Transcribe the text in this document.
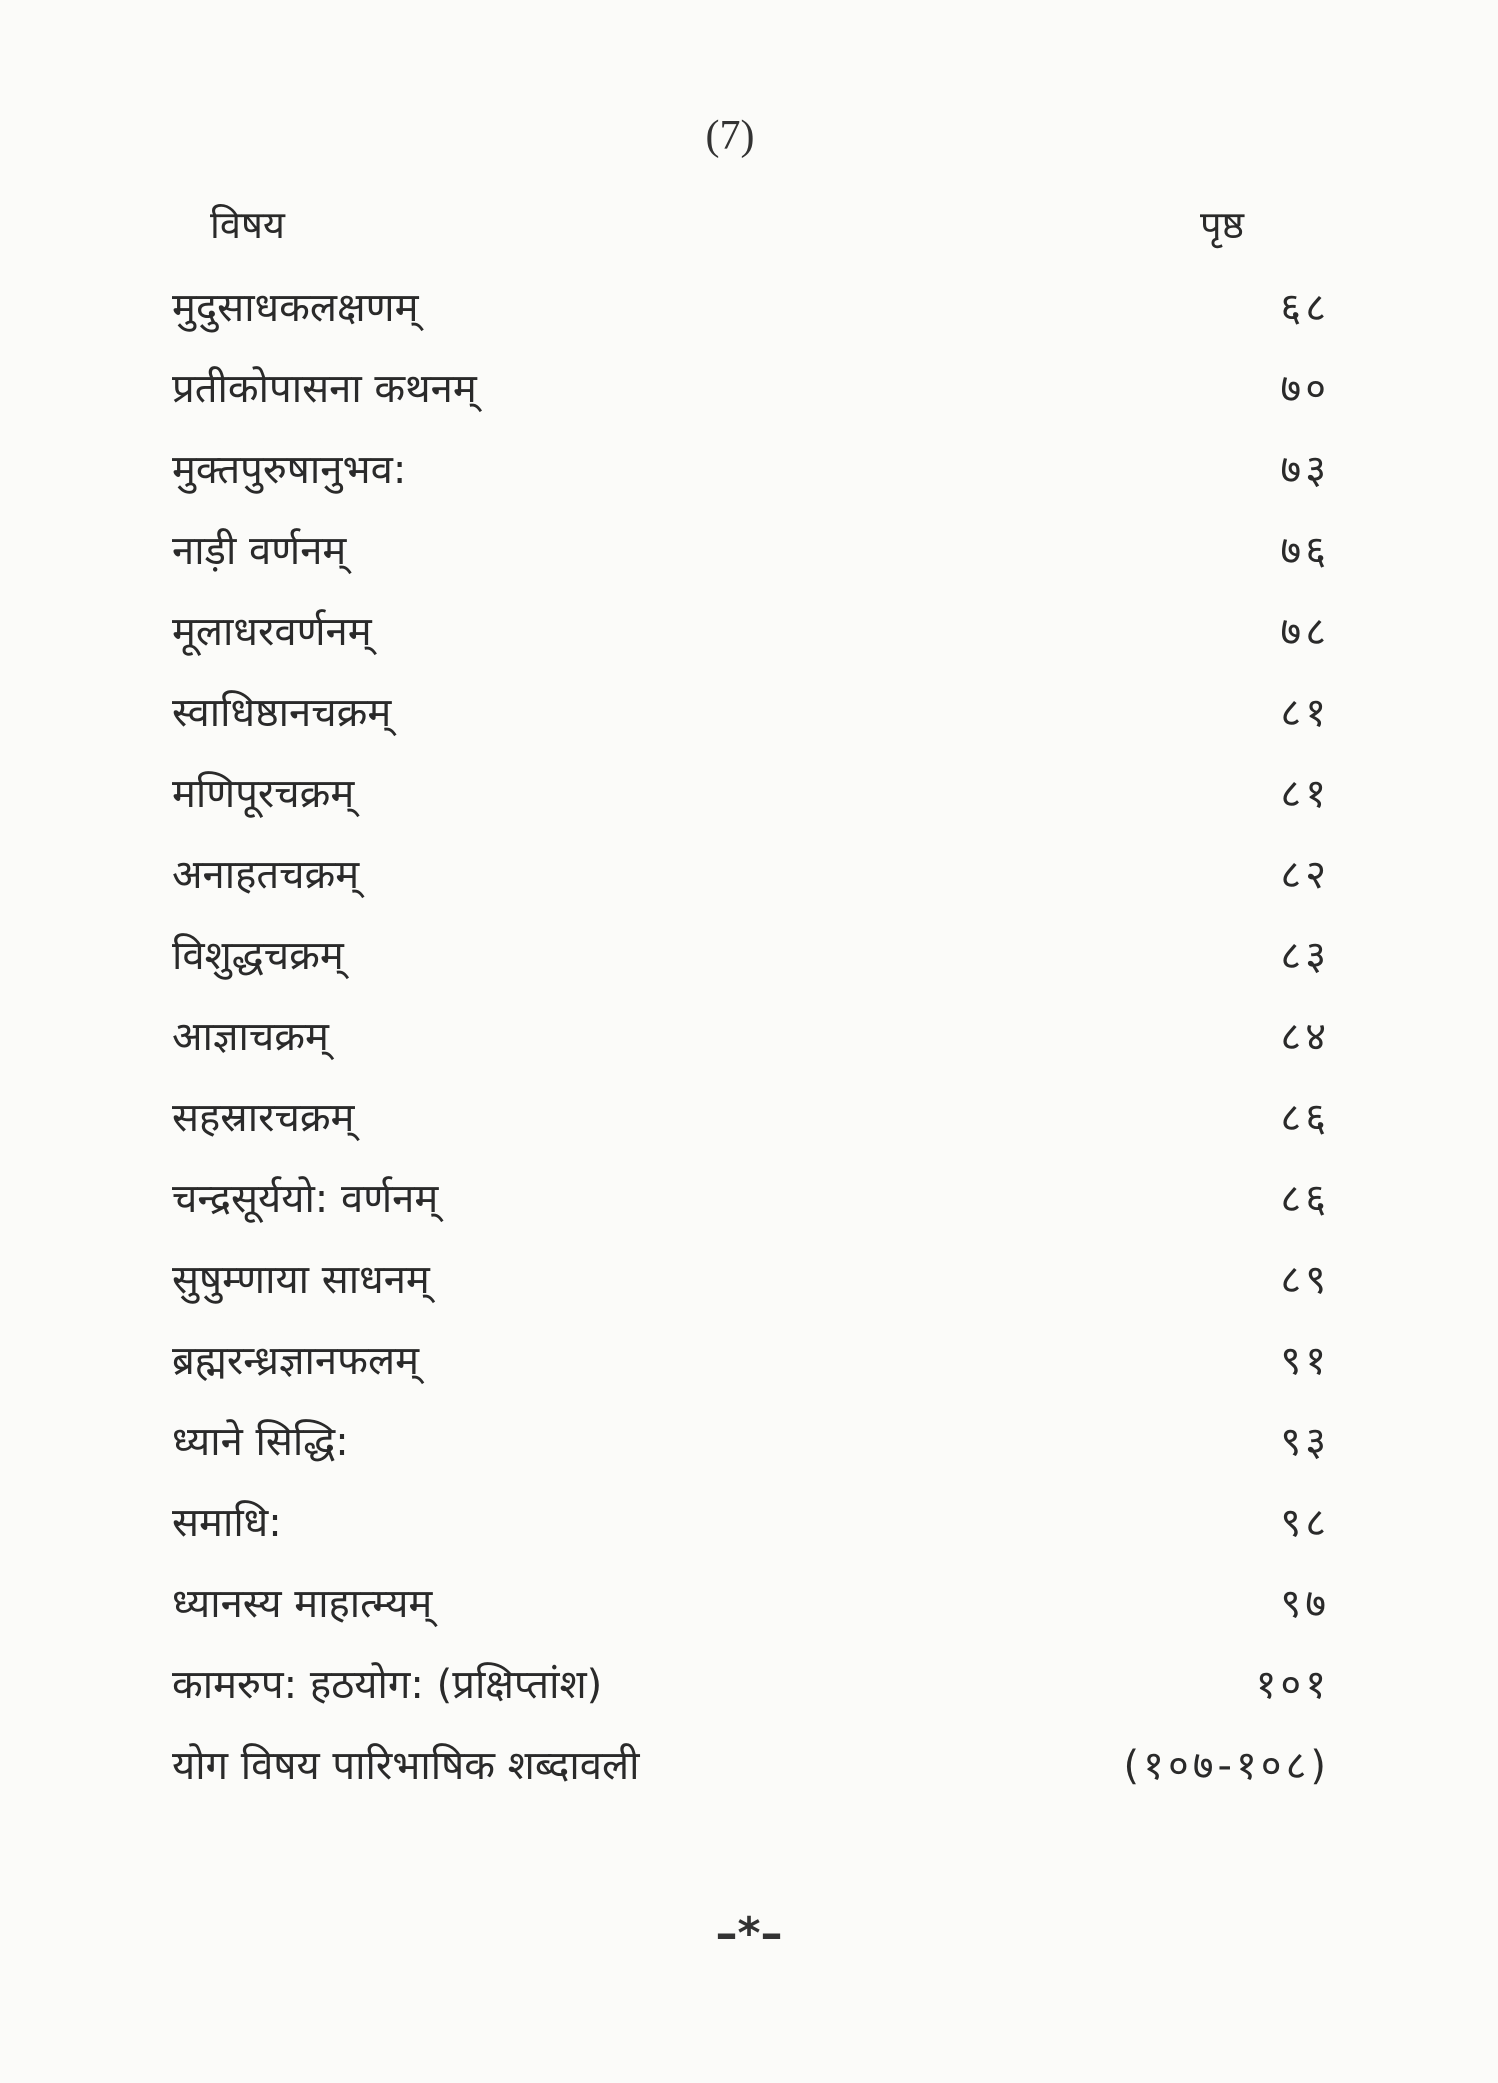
(7)
विषय	पृष्ठ
मुदुसाधकलक्षणम्	६८
प्रतीकोपासना कथनम्	७०
मुक्तपुरुषानुभव:	७३
नाड़ी वर्णनम्	७६
मूलाधरवर्णनम्	७८
स्वाधिष्ठानचक्रम्	८१
मणिपूरचक्रम्	८१
अनाहतचक्रम्	८२
विशुद्धचक्रम्	८३
आज्ञाचक्रम्	८४
सहस्रारचक्रम्	८६
चन्द्रसूर्ययो: वर्णनम्	८६
सुषुम्णाया साधनम्	८९
ब्रह्मरन्ध्रज्ञानफलम्	९१
ध्याने सिद्धि:	९३
समाधि:	९८
ध्यानस्य माहात्म्यम्	९७
कामरुप: हठयोग: (प्रक्षिप्तांश)	१०१
योग विषय पारिभाषिक शब्दावली	(१०७-१०८)
–*–
